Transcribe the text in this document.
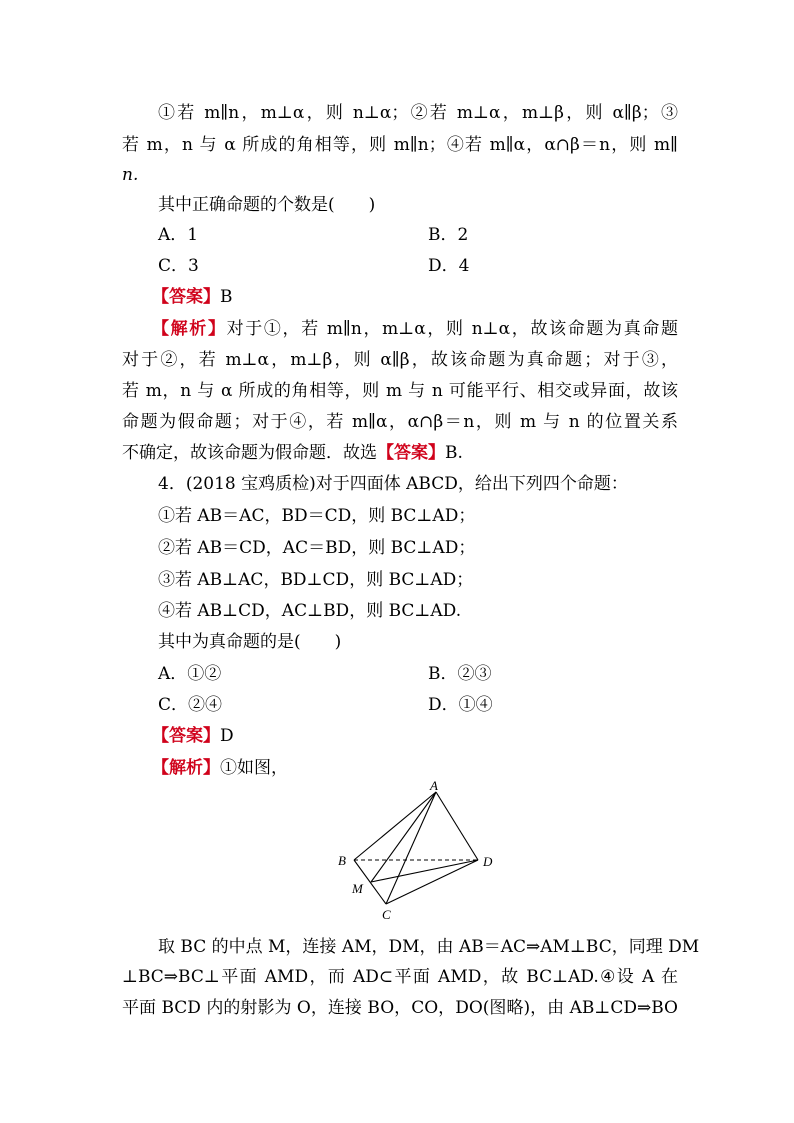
①若 m∥n，m⊥α，则 n⊥α；②若 m⊥α，m⊥β，则 α∥β；③
若 m，n 与 α 所成的角相等，则 m∥n；④若 m∥α，α∩β＝n，则 m∥
n.
其中正确命题的个数是(　　)
A．1	B．2
C．3	D．4
【答案】B
【解析】对于①，若 m∥n，m⊥α，则 n⊥α，故该命题为真命题
对于②，若 m⊥α，m⊥β，则 α∥β，故该命题为真命题；对于③，
若 m，n 与 α 所成的角相等，则 m 与 n 可能平行、相交或异面，故该
命题为假命题；对于④，若 m∥α，α∩β＝n，则 m 与 n 的位置关系
不确定，故该命题为假命题．故选【答案】B.
4．(2018 宝鸡质检)对于四面体 ABCD，给出下列四个命题：
①若 AB＝AC，BD＝CD，则 BC⊥AD；
②若 AB＝CD，AC＝BD，则 BC⊥AD；
③若 AB⊥AC，BD⊥CD，则 BC⊥AD；
④若 AB⊥CD，AC⊥BD，则 BC⊥AD.
其中为真命题的是(　　)
A．①②	B．②③
C．②④	D．①④
【答案】D
【解析】①如图，
A
B	D
M
C
取 BC 的中点 M，连接 AM，DM，由 AB＝AC⇒AM⊥BC，同理 DM
⊥BC⇒BC⊥平面 AMD，而 AD⊂平面 AMD，故 BC⊥AD.④设 A 在
平面 BCD 内的射影为 O，连接 BO，CO，DO(图略)，由 AB⊥CD⇒BO
